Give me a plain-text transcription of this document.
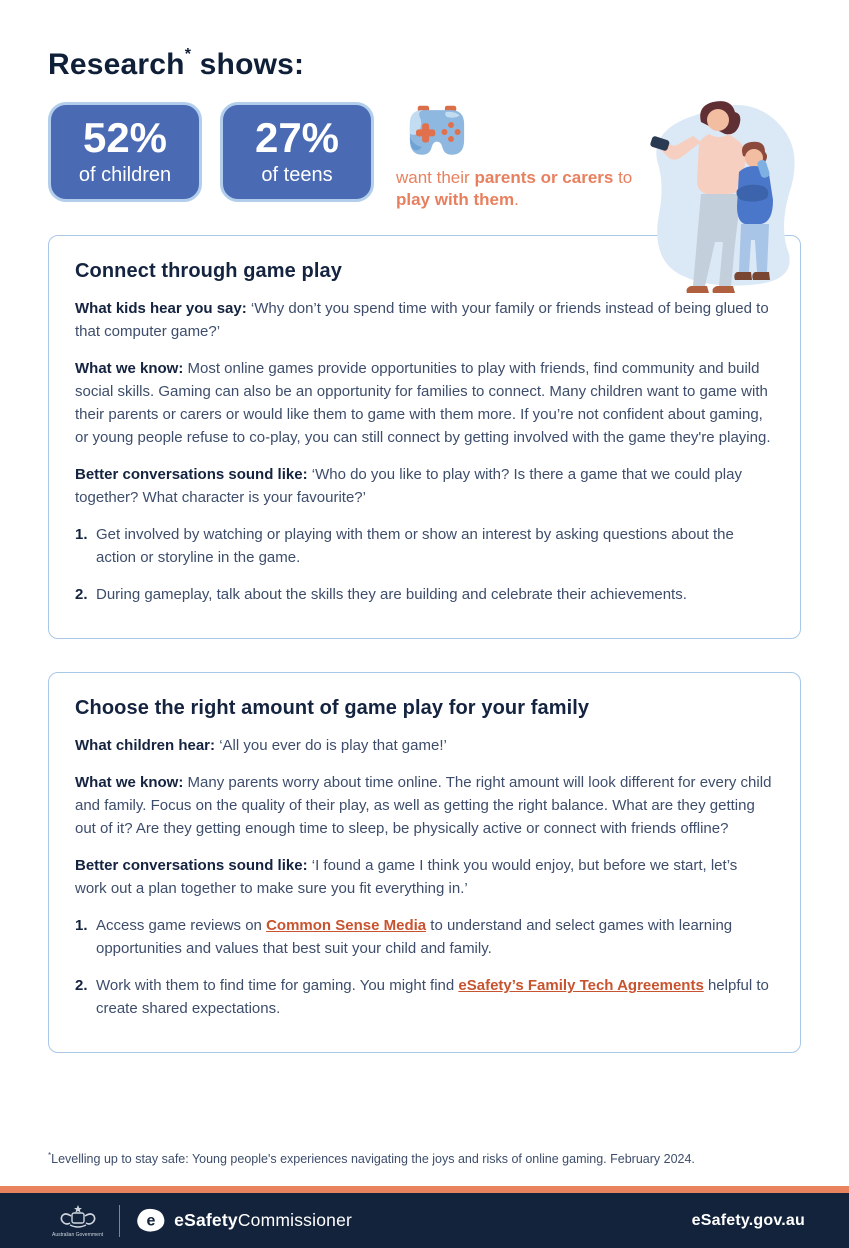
Research* shows:
52%
of children
27%
of teens	want their parents or carers to play with them.

Connect through game play

What kids hear you say: ‘Why don’t you spend time with your family or friends instead of being glued to that computer game?’

What we know: Most online games provide opportunities to play with friends, find community and build social skills. Gaming can also be an opportunity for families to connect. Many children want to game with their parents or carers or would like them to game with them more. If you’re not confident about gaming, or young people refuse to co-play, you can still connect by getting involved with the game they're playing.

Better conversations sound like: ‘Who do you like to play with? Is there a game that we could play together? What character is your favourite?’

1. Get involved by watching or playing with them or show an interest by asking questions about the action or storyline in the game.
2. During gameplay, talk about the skills they are building and celebrate their achievements.
Choose the right amount of game play for your family

What children hear: ‘All you ever do is play that game!’

What we know: Many parents worry about time online. The right amount will look different for every child and family. Focus on the quality of their play, as well as getting the right balance. What are they getting out of it? Are they getting enough time to sleep, be physically active or connect with friends offline?

Better conversations sound like: ‘I found a game I think you would enjoy, but before we start, let’s work out a plan together to make sure you fit everything in.’

1. Access game reviews on Common Sense Media to understand and select games with learning opportunities and values that best suit your child and family.
2. Work with them to find time for gaming. You might find eSafety’s Family Tech Agreements helpful to create shared expectations.

*Levelling up to stay safe: Young people's experiences navigating the joys and risks of online gaming. February 2024.

Australian Government
e eSafetyCommissioner	eSafety.gov.au
